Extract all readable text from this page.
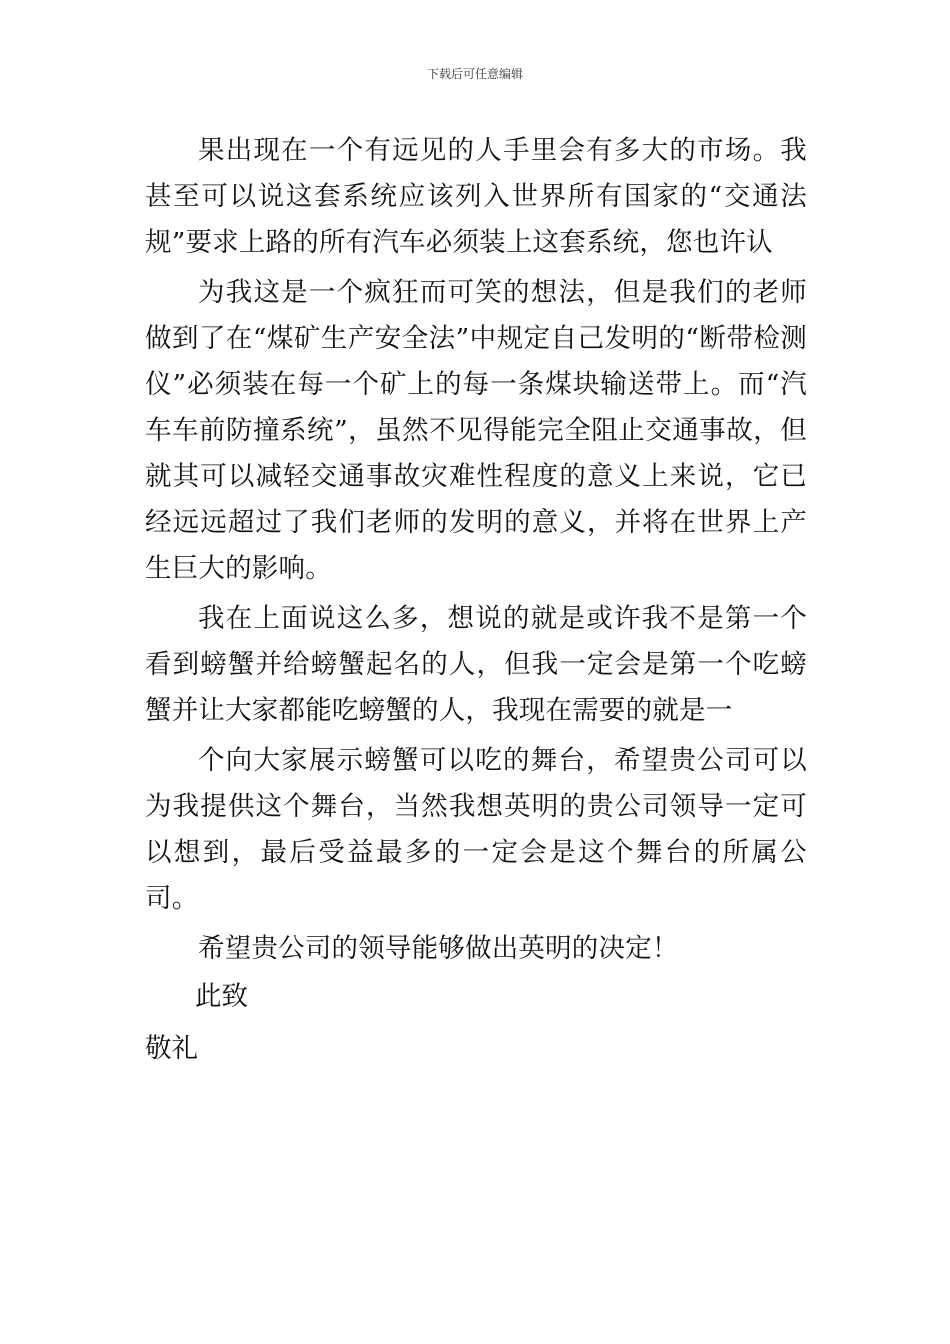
下载后可任意编辑

果出现在一个有远见的人手里会有多大的市场。我甚至可以说这套系统应该列入世界所有国家的“交通法规”要求上路的所有汽车必须装上这套系统，您也许认

为我这是一个疯狂而可笑的想法，但是我们的老师做到了在“煤矿生产安全法”中规定自己发明的“断带检测仪”必须装在每一个矿上的每一条煤块输送带上。而“汽车车前防撞系统”，虽然不见得能完全阻止交通事故，但就其可以减轻交通事故灾难性程度的意义上来说，它已经远远超过了我们老师的发明的意义，并将在世界上产生巨大的影响。

我在上面说这么多，想说的就是或许我不是第一个看到螃蟹并给螃蟹起名的人，但我一定会是第一个吃螃蟹并让大家都能吃螃蟹的人，我现在需要的就是一

个向大家展示螃蟹可以吃的舞台，希望贵公司可以为我提供这个舞台，当然我想英明的贵公司领导一定可以想到，最后受益最多的一定会是这个舞台的所属公司。

希望贵公司的领导能够做出英明的决定！

此致

敬礼
